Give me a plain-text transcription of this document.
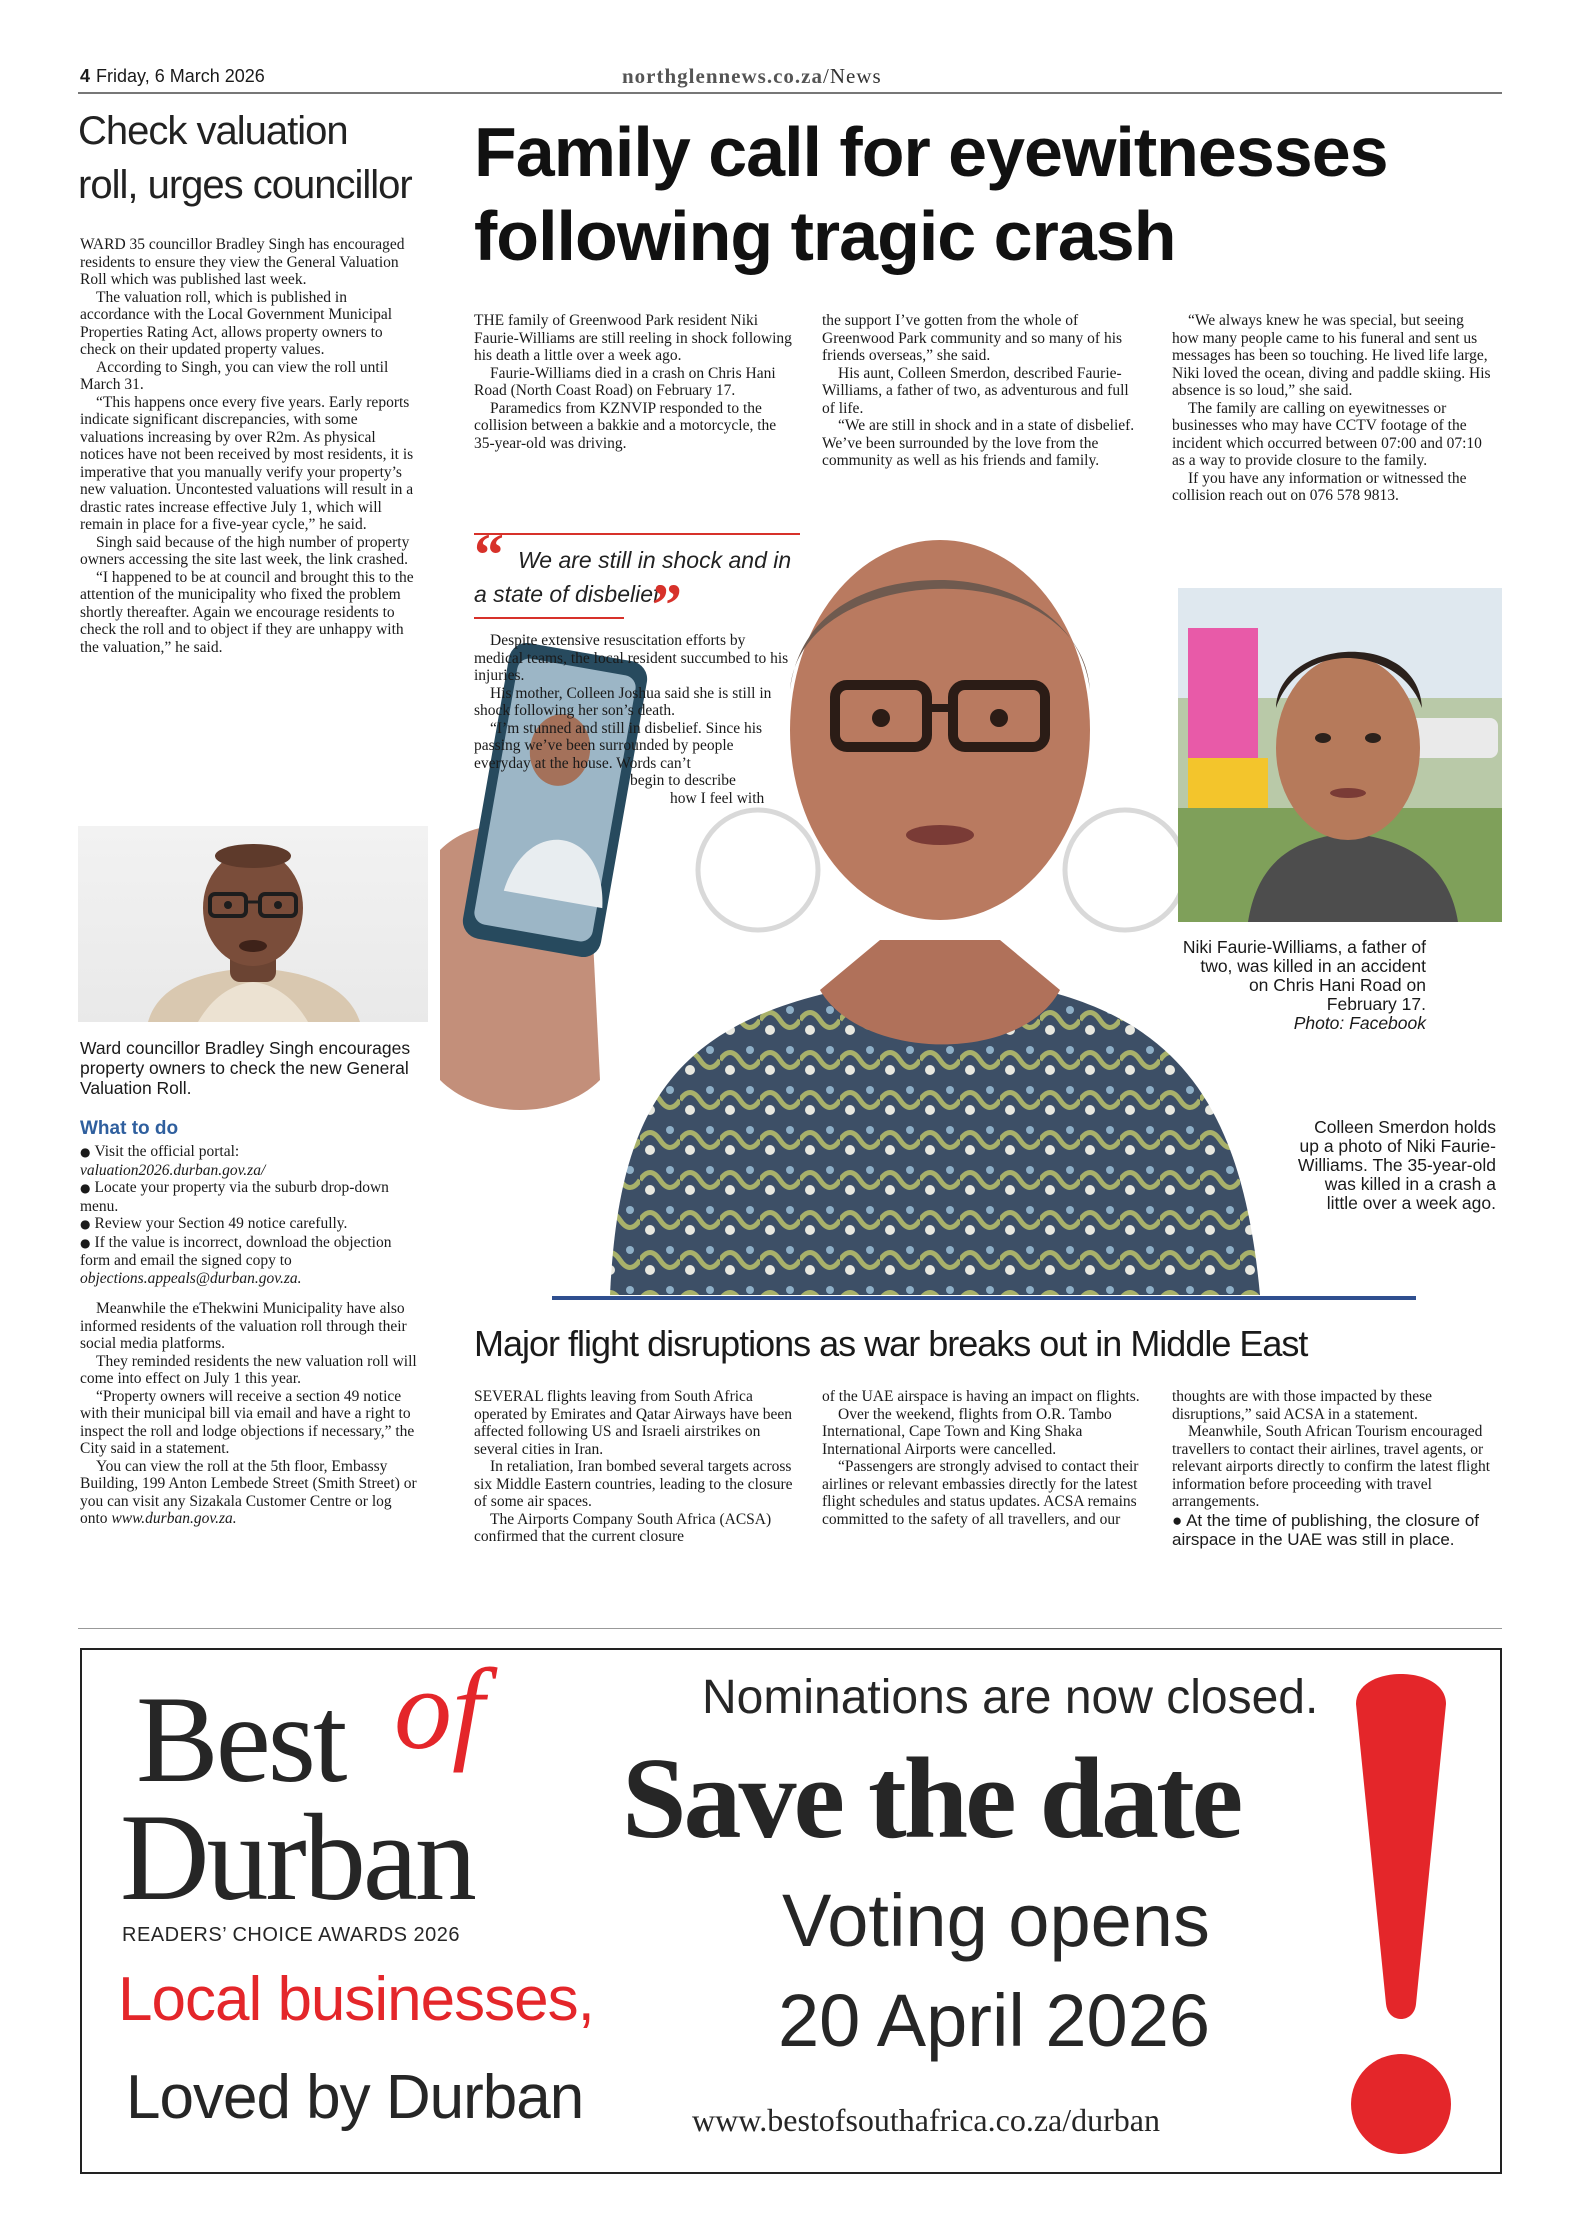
4 Friday, 6 March 2026	northglennews.co.za/News
Check valuation
roll, urges councillor

WARD 35 councillor Bradley Singh has encouraged residents to ensure they view the General Valuation Roll which was published last week.

The valuation roll, which is published in accordance with the Local Government Municipal Properties Rating Act, allows property owners to check on their updated property values.

According to Singh, you can view the roll until March 31.

“This happens once every five years. Early reports indicate significant discrepancies, with some valuations increasing by over R2m. As physical notices have not been received by most residents, it is imperative that you manually verify your property’s new valuation. Uncontested valuations will result in a drastic rates increase effective July 1, which will remain in place for a five-year cycle,” he said.

Singh said because of the high number of property owners accessing the site last week, the link crashed.

“I happened to be at council and brought this to the attention of the municipality who fixed the problem shortly thereafter. Again we encourage residents to check the roll and to object if they are unhappy with the valuation,” he said.

Ward councillor Bradley Singh encourages property owners to check the new General Valuation Roll.
What to do
● Visit the official portal: valuation2026.durban.gov.za/
● Locate your property via the suburb drop-down menu.
● Review your Section 49 notice carefully.
● If the value is incorrect, download the objection form and email the signed copy to objections.appeals@durban.gov.za.

Meanwhile the eThekwini Municipality have also informed residents of the valuation roll through their social media platforms.

They reminded residents the new valuation roll will come into effect on July 1 this year.

“Property owners will receive a section 49 notice with their municipal bill via email and have a right to inspect the roll and lodge objections if necessary,” the City said in a statement.

You can view the roll at the 5th floor, Embassy Building, 199 Anton Lembede Street (Smith Street) or you can visit any Sizakala Customer Centre or log onto www.durban.gov.za.

Family call for eyewitnesses
following tragic crash

THE family of Greenwood Park resident Niki Faurie-Williams are still reeling in shock following his death a little over a week ago.

Faurie-Williams died in a crash on Chris Hani Road (North Coast Road) on February 17.

Paramedics from KZNVIP responded to the collision between a bakkie and a motorcycle, the 35-year-old was driving.

“ We are still in shock and in
a state of disbelief
”

Despite extensive resuscitation efforts by medical teams, the local resident succumbed to his injuries.

His mother, Colleen Joshua said she is still in shock following her son’s death.

“I’m stunned and still in disbelief. Since his passing we’ve been surrounded by people everyday at the house. Words can’t

begin to describe

how I feel with

the support I’ve gotten from the whole of Greenwood Park community and so many of his friends overseas,” she said.

His aunt, Colleen Smerdon, described Faurie-Williams, a father of two, as adventurous and full of life.

“We are still in shock and in a state of disbelief. We’ve been surrounded by the love from the community as well as his friends and family.

“We always knew he was special, but seeing how many people came to his funeral and sent us messages has been so touching. He lived life large, Niki loved the ocean, diving and paddle skiing. His absence is so loud,” she said.

The family are calling on eyewitnesses or businesses who may have CCTV footage of the incident which occurred between 07:00 and 07:10 as a way to provide closure to the family.

If you have any information or witnessed the collision reach out on 076 578 9813.

Niki Faurie-Williams, a father of two, was killed in an accident on Chris Hani Road on February 17.
Photo: Facebook
Colleen Smerdon holds up a photo of Niki Faurie-Williams. The 35-year-old was killed in a crash a little over a week ago.
Major flight disruptions as war breaks out in Middle East

SEVERAL flights leaving from South Africa operated by Emirates and Qatar Airways have been affected following US and Israeli airstrikes on several cities in Iran.

In retaliation, Iran bombed several targets across six Middle Eastern countries, leading to the closure of some air spaces.

The Airports Company South Africa (ACSA) confirmed that the current closure

of the UAE airspace is having an impact on flights.

Over the weekend, flights from O.R. Tambo International, Cape Town and King Shaka International Airports were cancelled.

“Passengers are strongly advised to contact their airlines or relevant embassies directly for the latest flight schedules and status updates. ACSA remains committed to the safety of all travellers, and our

thoughts are with those impacted by these disruptions,” said ACSA in a statement.

Meanwhile, South African Tourism encouraged travellers to contact their airlines, travel agents, or relevant airports directly to confirm the latest flight information before proceeding with travel arrangements.

● At the time of publishing, the closure of airspace in the UAE was still in place.

Best of
Durban
READERS’ CHOICE AWARDS 2026
Local businesses,
Loved by Durban
Nominations are now closed.
Save the date
Voting opens
20 April 2026
www.bestofsouthafrica.co.za/durban
